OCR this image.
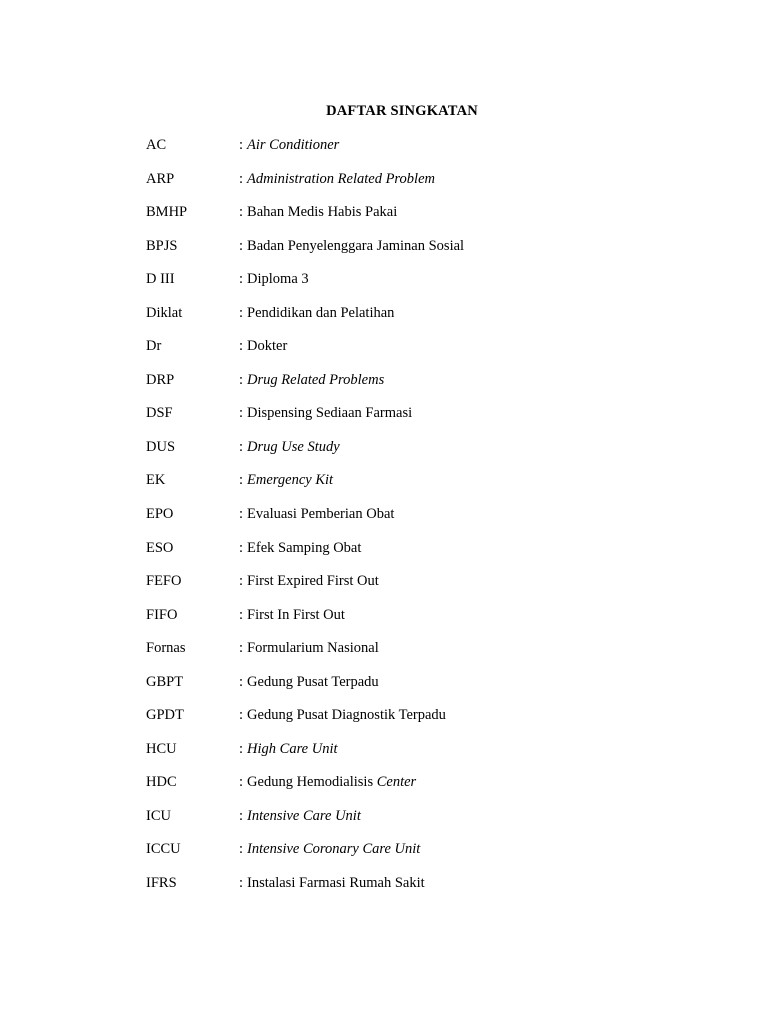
DAFTAR SINGKATAN
AC	: Air Conditioner
ARP	: Administration Related Problem
BMHP	: Bahan Medis Habis Pakai
BPJS	: Badan Penyelenggara Jaminan Sosial
D III	: Diploma 3
Diklat	: Pendidikan dan Pelatihan
Dr	: Dokter
DRP	: Drug Related Problems
DSF	: Dispensing Sediaan Farmasi
DUS	: Drug Use Study
EK	: Emergency Kit
EPO	: Evaluasi Pemberian Obat
ESO	: Efek Samping Obat
FEFO	: First Expired First Out
FIFO	: First In First Out
Fornas	: Formularium Nasional
GBPT	: Gedung Pusat Terpadu
GPDT	: Gedung Pusat Diagnostik Terpadu
HCU	: High Care Unit
HDC	: Gedung Hemodialisis Center
ICU	: Intensive Care Unit
ICCU	: Intensive Coronary Care Unit
IFRS	: Instalasi Farmasi Rumah Sakit
